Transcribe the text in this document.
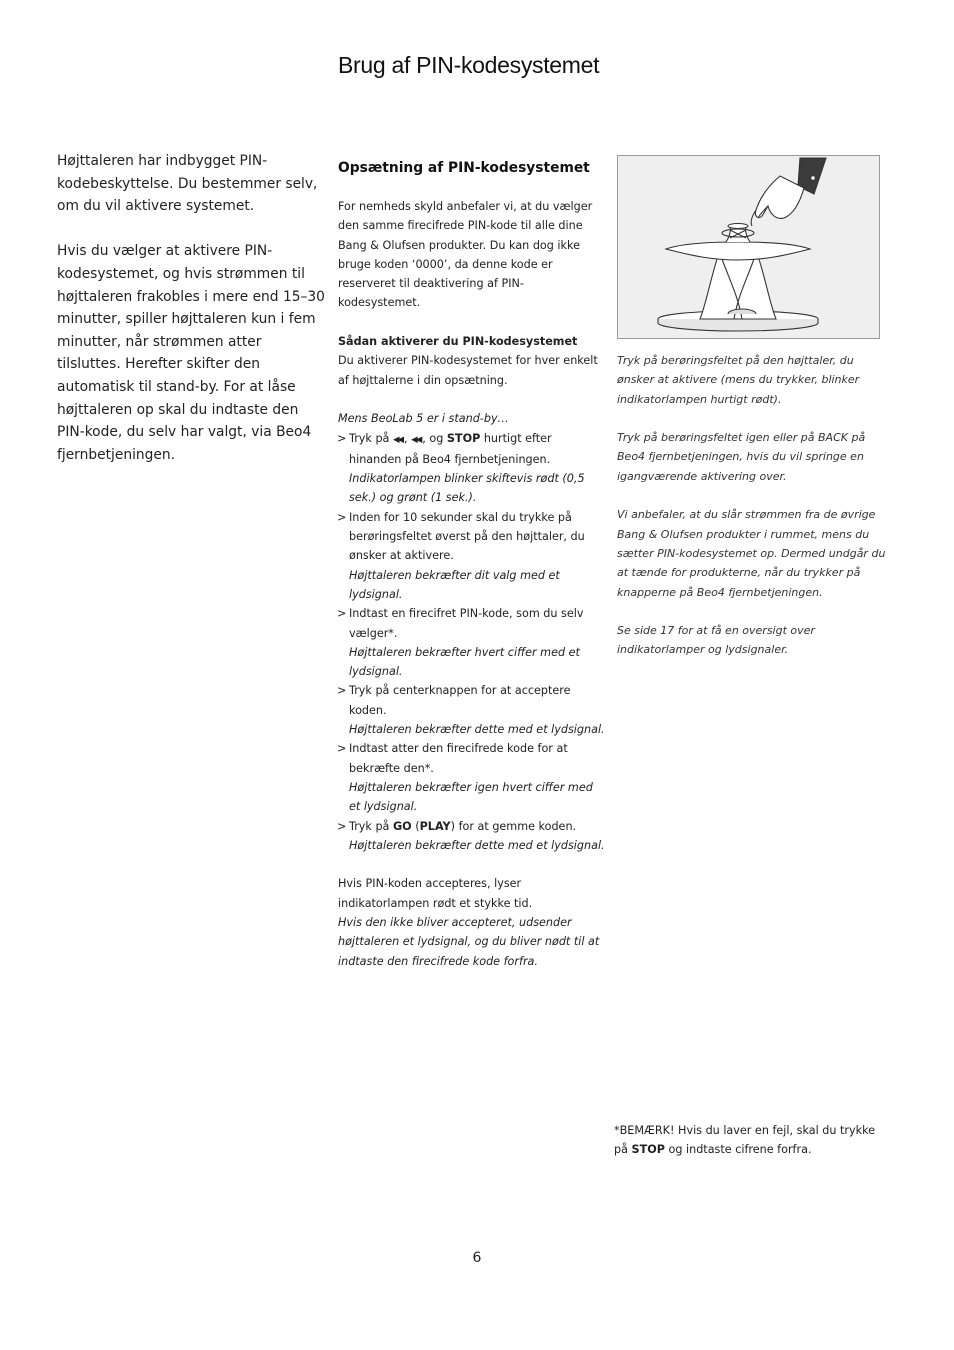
Brug af PIN-kodesystemet

Højttaleren har indbygget PIN-kodebeskyttelse. Du bestemmer selv, om du vil aktivere systemet.

Hvis du vælger at aktivere PIN-kodesystemet, og hvis strømmen til højttaleren frakobles i mere end 15–30 minutter, spiller højttaleren kun i fem minutter, når strømmen atter tilsluttes. Herefter skifter den automatisk til stand-by. For at låse højttaleren op skal du indtaste den PIN-kode, du selv har valgt, via Beo4 fjernbetjeningen.

Opsætning af PIN-kodesystemet

For nemheds skyld anbefaler vi, at du vælger den samme firecifrede PIN-kode til alle dine Bang & Olufsen produkter. Du kan dog ikke bruge koden ‘0000’, da denne kode er reserveret til deaktivering af PIN-kodesystemet.

Sådan aktiverer du PIN-kodesystemet

Du aktiverer PIN-kodesystemet for hver enkelt af højttalerne i din opsætning.

Mens BeoLab 5 er i stand-by…

> Tryk på ◀◀ , ◀◀ , og STOP hurtigt efter hinanden på Beo4 fjernbetjeningen.
Indikatorlampen blinker skiftevis rødt (0,5 sek.) og grønt (1 sek.).
> Inden for 10 sekunder skal du trykke på berøringsfeltet øverst på den højttaler, du ønsker at aktivere.
Højttaleren bekræfter dit valg med et lydsignal.
> Indtast en firecifret PIN-kode, som du selv vælger*.
Højttaleren bekræfter hvert ciffer med et lydsignal.
> Tryk på centerknappen for at acceptere koden.
Højttaleren bekræfter dette med et lydsignal.
> Indtast atter den firecifrede kode for at bekræfte den*.
Højttaleren bekræfter igen hvert ciffer med et lydsignal.
> Tryk på GO (PLAY) for at gemme koden.
Højttaleren bekræfter dette med et lydsignal.

Hvis PIN-koden accepteres, lyser indikatorlampen rødt et stykke tid.

Hvis den ikke bliver accepteret, udsender højttaleren et lydsignal, og du bliver nødt til at indtaste den firecifrede kode forfra.

Tryk på berøringsfeltet på den højttaler, du ønsker at aktivere (mens du trykker, blinker indikatorlampen hurtigt rødt).

Tryk på berøringsfeltet igen eller på BACK på Beo4 fjernbetjeningen, hvis du vil springe en igangværende aktivering over.

Vi anbefaler, at du slår strømmen fra de øvrige Bang & Olufsen produkter i rummet, mens du sætter PIN-kodesystemet op. Dermed undgår du at tænde for produkterne, når du trykker på knapperne på Beo4 fjernbetjeningen.

Se side 17 for at få en oversigt over indikatorlamper og lydsignaler.

*BEMÆRK! Hvis du laver en fejl, skal du trykke på STOP og indtaste cifrene forfra.

6
